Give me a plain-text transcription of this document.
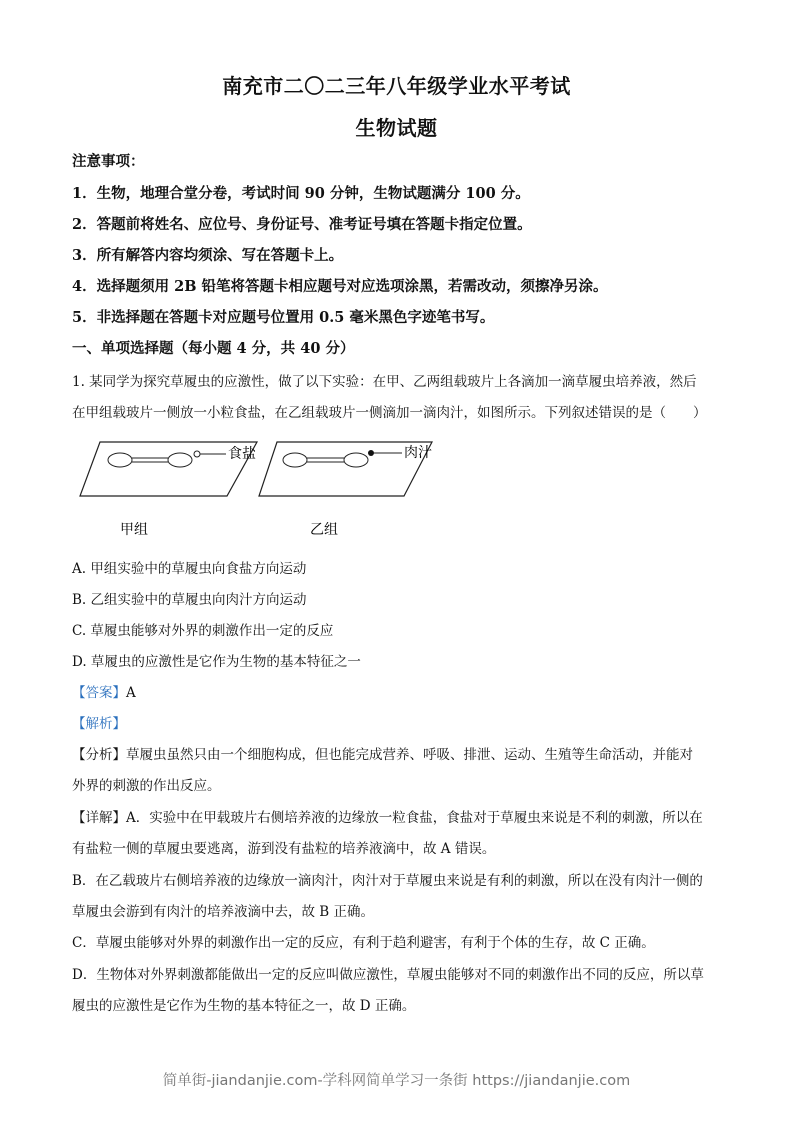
南充市二〇二三年八年级学业水平考试
生物试题
注意事项：
1．生物，地理合堂分卷，考试时间 90 分钟，生物试题满分 100 分。
2．答题前将姓名、应位号、身份证号、准考证号填在答题卡指定位置。
3．所有解答内容均须涂、写在答题卡上。
4．选择题须用 2B 铅笔将答题卡相应题号对应选项涂黑，若需改动，须擦净另涂。
5．非选择题在答题卡对应题号位置用 0.5 毫米黑色字迹笔书写。
一、单项选择题（每小题 4 分，共 40 分）
1. 某同学为探究草履虫的应激性，做了以下实验：在甲、乙两组载玻片上各滴加一滴草履虫培养液，然后
在甲组载玻片一侧放一小粒食盐，在乙组载玻片一侧滴加一滴肉汁，如图所示。下列叙述错误的是（　　）
食盐
甲组
肉汁
乙组
A. 甲组实验中的草履虫向食盐方向运动
B. 乙组实验中的草履虫向肉汁方向运动
C. 草履虫能够对外界的刺激作出一定的反应
D. 草履虫的应激性是它作为生物的基本特征之一
【答案】A
【解析】
【分析】草履虫虽然只由一个细胞构成，但也能完成营养、呼吸、排泄、运动、生殖等生命活动，并能对
外界的刺激的作出反应。
【详解】A．实验中在甲载玻片右侧培养液的边缘放一粒食盐，食盐对于草履虫来说是不利的刺激，所以在
有盐粒一侧的草履虫要逃离，游到没有盐粒的培养液滴中，故 A 错误。
B．在乙载玻片右侧培养液的边缘放一滴肉汁，肉汁对于草履虫来说是有利的刺激，所以在没有肉汁一侧的
草履虫会游到有肉汁的培养液滴中去，故 B 正确。
C．草履虫能够对外界的刺激作出一定的反应，有利于趋利避害，有利于个体的生存，故 C 正确。
D．生物体对外界刺激都能做出一定的反应叫做应激性，草履虫能够对不同的刺激作出不同的反应，所以草
履虫的应激性是它作为生物的基本特征之一，故 D 正确。
简单街-jiandanjie.com-学科网简单学习一条街 https://jiandanjie.com
